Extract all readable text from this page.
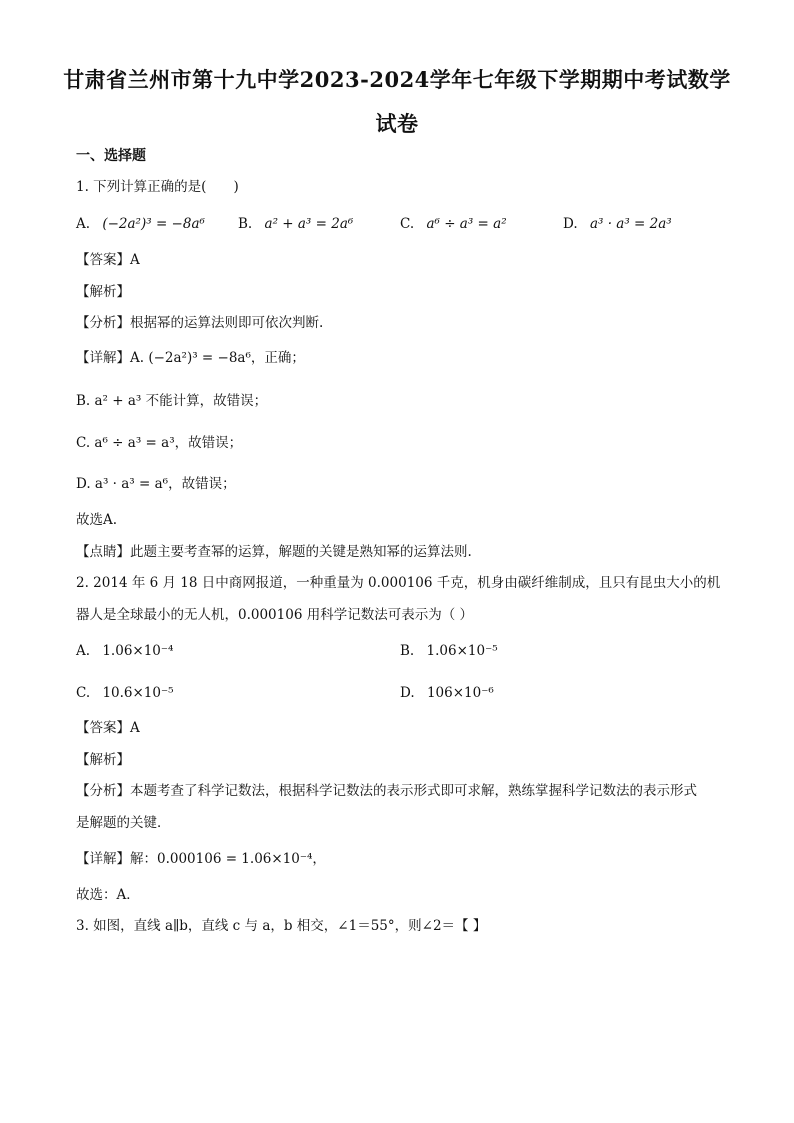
甘肃省兰州市第十九中学2023-2024学年七年级下学期期中考试数学
试卷
一、选择题
1. 下列计算正确的是(　　)
A. (−2a²)³ = −8a⁶ B. a² + a³ = 2a⁶	C. a⁶ ÷ a³ = a²	D. a³ · a³ = 2a³
【答案】A
【解析】
【分析】根据幂的运算法则即可依次判断.
【详解】A. (−2a²)³ = −8a⁶，正确；
B. a² + a³ 不能计算，故错误；
C. a⁶ ÷ a³ = a³，故错误；
D. a³ · a³ = a⁶，故错误；
故选A.
【点睛】此题主要考查幂的运算，解题的关键是熟知幂的运算法则.
2. 2014 年 6 月 18 日中商网报道，一种重量为 0.000106 千克，机身由碳纤维制成，且只有昆虫大小的机
器人是全球最小的无人机，0.000106 用科学记数法可表示为（ ）
A. 1.06×10⁻⁴	B. 1.06×10⁻⁵
C. 10.6×10⁻⁵	D. 106×10⁻⁶
【答案】A
【解析】
【分析】本题考查了科学记数法，根据科学记数法的表示形式即可求解，熟练掌握科学记数法的表示形式
是解题的关键．
【详解】解：0.000106 = 1.06×10⁻⁴，
故选：A．
3. 如图，直线 a∥b，直线 c 与 a，b 相交，∠1＝55°，则∠2＝【 】
